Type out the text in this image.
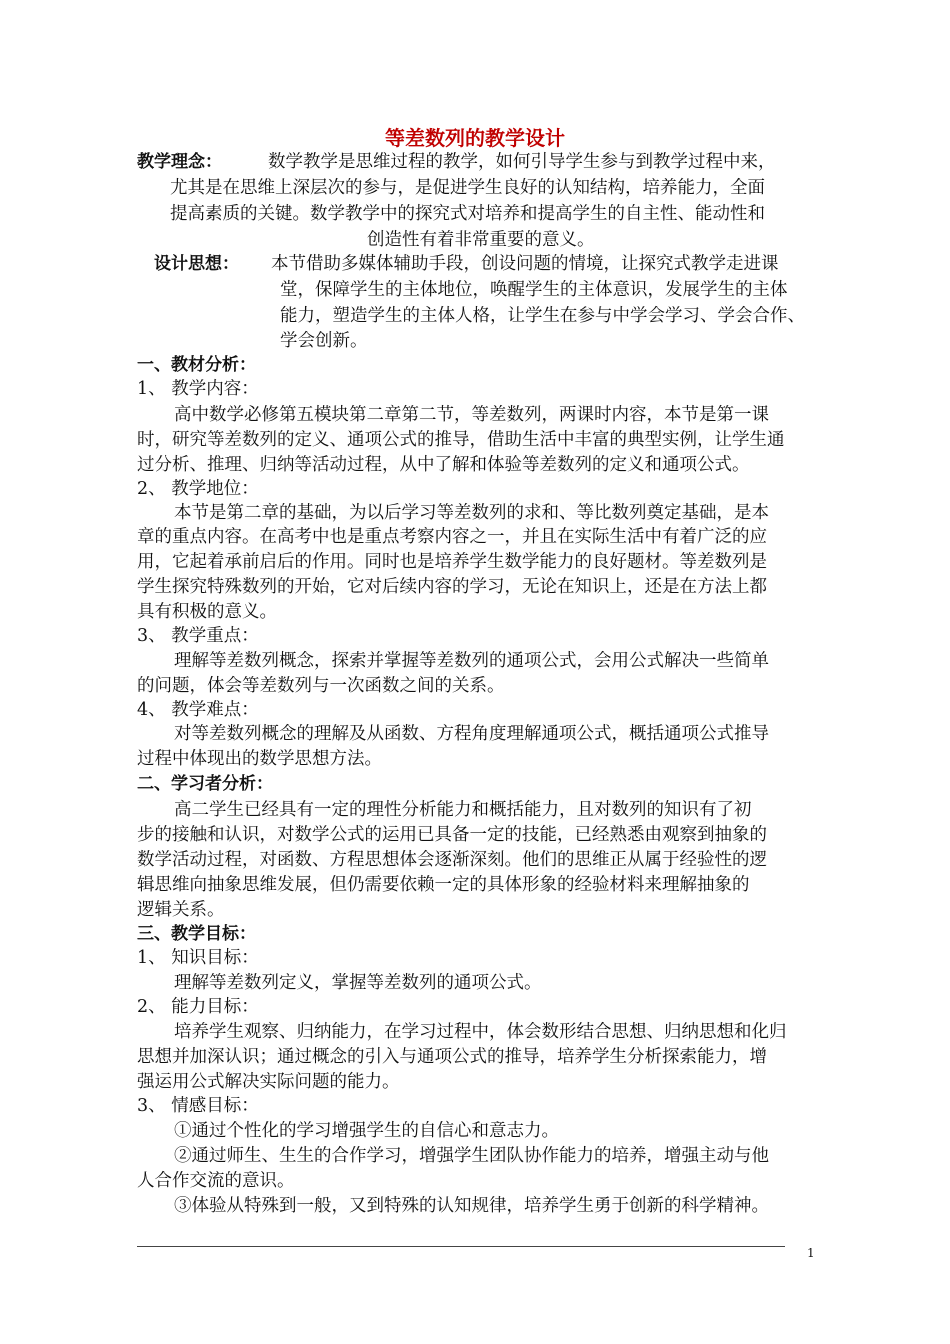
等差数列的教学设计
教学理念：	数学教学是思维过程的教学，如何引导学生参与到教学过程中来，
尤其是在思维上深层次的参与，是促进学生良好的认知结构，培养能力，全面
提高素质的关键。数学教学中的探究式对培养和提高学生的自主性、能动性和
创造性有着非常重要的意义。
设计思想： 本节借助多媒体辅助手段，创设问题的情境，让探究式教学走进课
堂，保障学生的主体地位，唤醒学生的主体意识，发展学生的主体
能力，塑造学生的主体人格，让学生在参与中学会学习、学会合作、
学会创新。
一、教材分析：
1、 教学内容：
高中数学必修第五模块第二章第二节，等差数列，两课时内容，本节是第一课
时，研究等差数列的定义、通项公式的推导，借助生活中丰富的典型实例，让学生通
过分析、推理、归纳等活动过程，从中了解和体验等差数列的定义和通项公式。
2、 教学地位：
本节是第二章的基础，为以后学习等差数列的求和、等比数列奠定基础，是本
章的重点内容。在高考中也是重点考察内容之一，并且在实际生活中有着广泛的应
用，它起着承前启后的作用。同时也是培养学生数学能力的良好题材。等差数列是
学生探究特殊数列的开始，它对后续内容的学习，无论在知识上，还是在方法上都
具有积极的意义。
3、 教学重点：
理解等差数列概念，探索并掌握等差数列的通项公式，会用公式解决一些简单
的问题，体会等差数列与一次函数之间的关系。
4、 教学难点：
对等差数列概念的理解及从函数、方程角度理解通项公式，概括通项公式推导
过程中体现出的数学思想方法。
二、学习者分析：
高二学生已经具有一定的理性分析能力和概括能力，且对数列的知识有了初
步的接触和认识，对数学公式的运用已具备一定的技能，已经熟悉由观察到抽象的
数学活动过程，对函数、方程思想体会逐渐深刻。他们的思维正从属于经验性的逻
辑思维向抽象思维发展，但仍需要依赖一定的具体形象的经验材料来理解抽象的
逻辑关系。
三、教学目标：
1、 知识目标：
理解等差数列定义，掌握等差数列的通项公式。
2、 能力目标：
培养学生观察、归纳能力，在学习过程中，体会数形结合思想、归纳思想和化归
思想并加深认识；通过概念的引入与通项公式的推导，培养学生分析探索能力，增
强运用公式解决实际问题的能力。
3、 情感目标：
①通过个性化的学习增强学生的自信心和意志力。
②通过师生、生生的合作学习，增强学生团队协作能力的培养，增强主动与他
人合作交流的意识。
③体验从特殊到一般，又到特殊的认知规律，培养学生勇于创新的科学精神。
1
